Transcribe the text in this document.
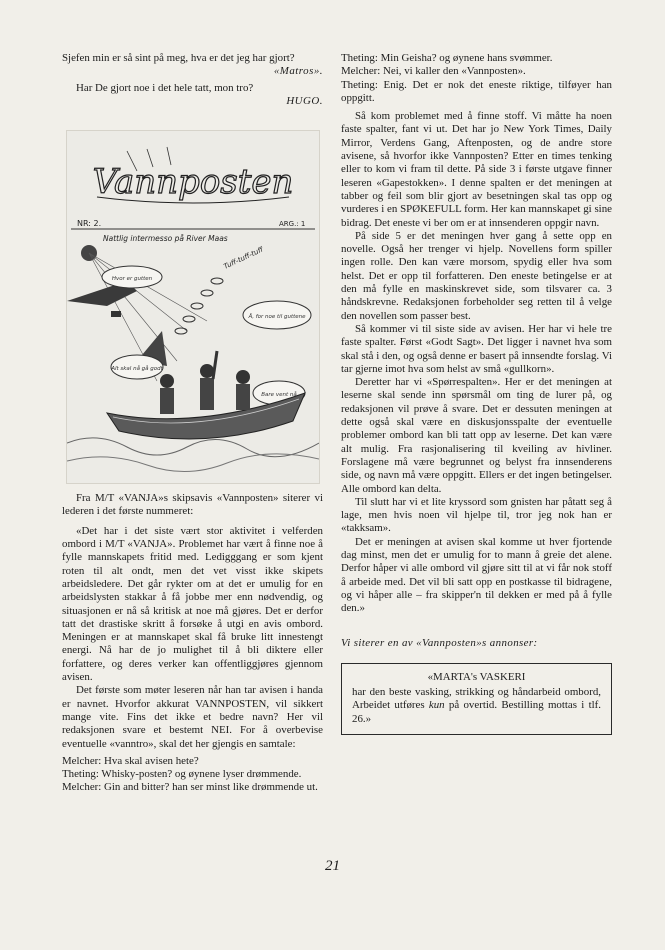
Sjefen min er så sint på meg, hva er det jeg har gjort?
«Matros».

Har De gjort noe i det hele tatt, mon tro?
HUGO.

Vannposten
NR: 2.	ARG.: 1
Nattlig intermesso på River Maas
Tuff-tuff-tuff
Hvor er gutten
Å, for noe til guttene
Alt skal nå gå godt
Bare vent nå

Fra M/T «VANJA»s skipsavis «Vannposten» siterer vi lederen i det første nummeret:

«Det har i det siste vært stor aktivitet i velferden ombord i M/T «VANJA». Problemet har vært å finne noe å fylle mannskapets fritid med. Ledigggang er som kjent roten til alt ondt, men det vet visst ikke skipets arbeidsledere. Det går rykter om at det er umulig for en arbeidslysten stakkar å få jobbe mer enn nødvendig, og situasjonen er nå så kritisk at noe må gjøres. Det er derfor tatt det drastiske skritt å forsøke å utgi en avis ombord. Meningen er at mannskapet skal få bruke litt innestengt energi. Nå har de jo mulighet til å bli diktere eller forfattere, og deres verker kan offentliggjøres gjennom avisen.

Det første som møter leseren når han tar avisen i handa er navnet. Hvorfor akkurat VANNPOSTEN, vil sikkert mange vite. Fins det ikke et bedre navn? Her vil redaksjonen svare et bestemt NEI. For å overbevise eventuelle «vanntro», skal det her gjengis en samtale:

Melcher: Hva skal avisen hete?

Theting: Whisky-posten? og øynene lyser drømmende.

Melcher: Gin and bitter? han ser minst like drømmende ut.

Theting: Min Geisha? og øynene hans svømmer.

Melcher: Nei, vi kaller den «Vannposten».

Theting: Enig. Det er nok det eneste riktige, tilføyer han oppgitt.

Så kom problemet med å finne stoff. Vi måtte ha noen faste spalter, fant vi ut. Det har jo New York Times, Daily Mirror, Verdens Gang, Aftenposten, og de andre store avisene, så hvorfor ikke Vannposten? Etter en times tenking eller to kom vi fram til dette. På side 3 i første utgave finner leseren «Gapestokken». I denne spalten er det meningen at tabber og feil som blir gjort av besetningen skal tas opp og vurderes i en SPØKEFULL form. Her kan mannskapet gi sine bidrag. Det eneste vi ber om er at innsenderen oppgir navn.

På side 5 er det meningen hver gang å sette opp en novelle. Også her trenger vi hjelp. Novellens form spiller ingen rolle. Den kan være morsom, spydig eller hva som helst. Det er opp til forfatteren. Den eneste betingelse er at den må fylle en maskinskrevet side, som tilsvarer ca. 3 håndskrevne. Redaksjonen forbeholder seg retten til å velge den novellen som passer best.

Så kommer vi til siste side av avisen. Her har vi hele tre faste spalter. Først «Godt Sagt». Det ligger i navnet hva som skal stå i den, og også denne er basert på innsendte forslag. Vi tar gjerne imot hva som helst av små «gullkorn».

Deretter har vi «Spørrespalten». Her er det meningen at leserne skal sende inn spørsmål om ting de lurer på, og redaksjonen vil prøve å svare. Det er dessuten meningen at dette også skal være en diskusjonsspalte der eventuelle problemer ombord kan bli tatt opp av leserne. Det kan være alt mulig. Fra rasjonalisering til kveiling av hivliner. Forslagene må være begrunnet og belyst fra innsenderens side, og navn må være oppgitt. Ellers er det ingen betingelser. Alle ombord kan delta.

Til slutt har vi et lite kryssord som gnisten har påtatt seg å lage, men hvis noen vil hjelpe til, tror jeg nok han er «takksam».

Det er meningen at avisen skal komme ut hver fjortende dag minst, men det er umulig for to mann å greie det alene. Derfor håper vi alle ombord vil gjøre sitt til at vi får nok stoff å arbeide med. Det vil bli satt opp en postkasse til bidragene, og vi håper alle – fra skipper'n til dekken er med på å fylle den.»

Vi siterer en av «Vannposten»s annonser:

«MARTA's VASKERI
har den beste vasking, strikking og håndarbeid ombord, Arbeidet utføres kun på overtid. Bestilling mottas i tlf. 26.»
21
